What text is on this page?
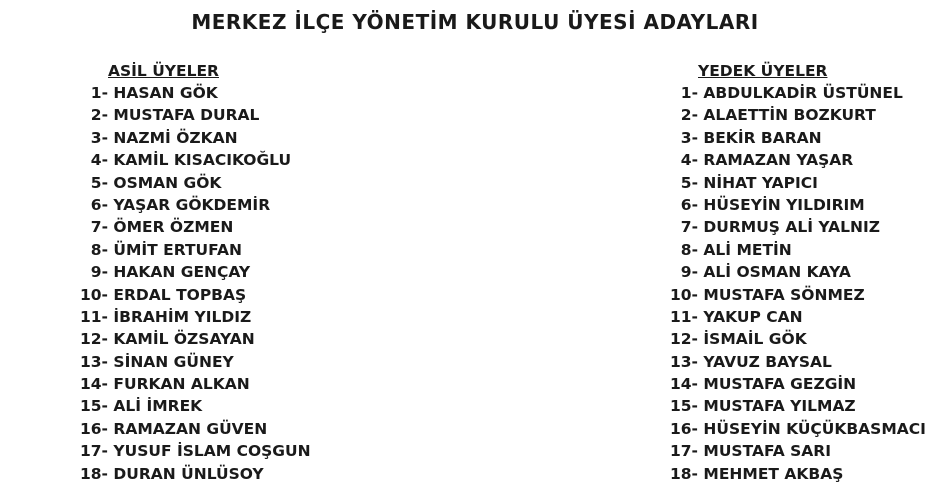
MERKEZ İLÇE YÖNETİM KURULU ÜYESİ ADAYLARI
ASİL ÜYELER
1- HASAN GÖK
2- MUSTAFA DURAL
3- NAZMİ ÖZKAN
4- KAMİL KISACIKOĞLU
5- OSMAN GÖK
6- YAŞAR GÖKDEMİR
7- ÖMER ÖZMEN
8- ÜMİT ERTUFAN
9- HAKAN GENÇAY
10- ERDAL TOPBAŞ
11- İBRAHİM YILDIZ
12- KAMİL ÖZSAYAN
13- SİNAN GÜNEY
14- FURKAN ALKAN
15- ALİ İMREK
16- RAMAZAN GÜVEN
17- YUSUF İSLAM COŞGUN
18- DURAN ÜNLÜSOY
YEDEK ÜYELER
1- ABDULKADİR ÜSTÜNEL
2- ALAETTİN BOZKURT
3- BEKİR BARAN
4- RAMAZAN YAŞAR
5- NİHAT YAPICI
6- HÜSEYİN YILDIRIM
7- DURMUŞ ALİ YALNIZ
8- ALİ METİN
9- ALİ OSMAN KAYA
10- MUSTAFA SÖNMEZ
11- YAKUP CAN
12- İSMAİL GÖK
13- YAVUZ BAYSAL
14- MUSTAFA GEZGİN
15- MUSTAFA YILMAZ
16- HÜSEYİN KÜÇÜKBASMACI
17- MUSTAFA SARI
18- MEHMET AKBAŞ
